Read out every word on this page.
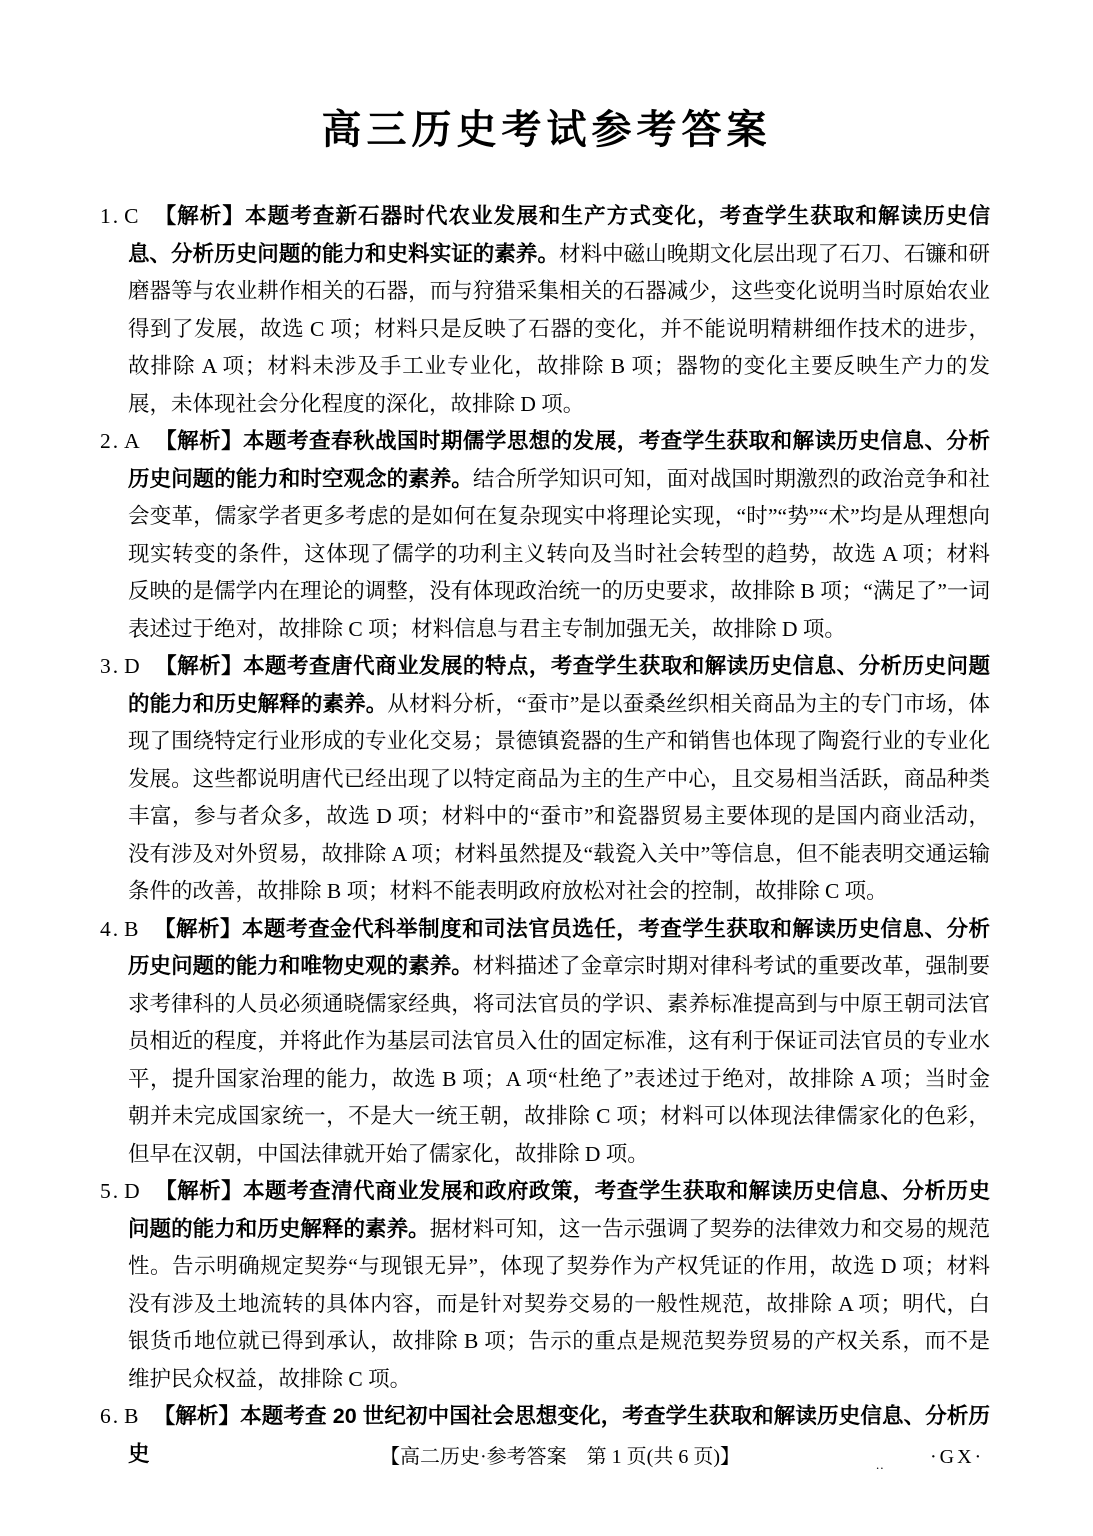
高三历史考试参考答案

1. C 【解析】本题考查新石器时代农业发展和生产方式变化，考查学生获取和解读历史信息、分析历史问题的能力和史料实证的素养。材料中磁山晚期文化层出现了石刀、石镰和研磨器等与农业耕作相关的石器，而与狩猎采集相关的石器减少，这些变化说明当时原始农业得到了发展，故选 C 项；材料只是反映了石器的变化，并不能说明精耕细作技术的进步，故排除 A 项；材料未涉及手工业专业化，故排除 B 项；器物的变化主要反映生产力的发展，未体现社会分化程度的深化，故排除 D 项。

2. A 【解析】本题考查春秋战国时期儒学思想的发展，考查学生获取和解读历史信息、分析历史问题的能力和时空观念的素养。结合所学知识可知，面对战国时期激烈的政治竞争和社会变革，儒家学者更多考虑的是如何在复杂现实中将理论实现，“时”“势”“术”均是从理想向现实转变的条件，这体现了儒学的功利主义转向及当时社会转型的趋势，故选 A 项；材料反映的是儒学内在理论的调整，没有体现政治统一的历史要求，故排除 B 项；“满足了”一词表述过于绝对，故排除 C 项；材料信息与君主专制加强无关，故排除 D 项。

3. D 【解析】本题考查唐代商业发展的特点，考查学生获取和解读历史信息、分析历史问题的能力和历史解释的素养。从材料分析，“蚕市”是以蚕桑丝织相关商品为主的专门市场，体现了围绕特定行业形成的专业化交易；景德镇瓷器的生产和销售也体现了陶瓷行业的专业化发展。这些都说明唐代已经出现了以特定商品为主的生产中心，且交易相当活跃，商品种类丰富，参与者众多，故选 D 项；材料中的“蚕市”和瓷器贸易主要体现的是国内商业活动，没有涉及对外贸易，故排除 A 项；材料虽然提及“载瓷入关中”等信息，但不能表明交通运输条件的改善，故排除 B 项；材料不能表明政府放松对社会的控制，故排除 C 项。

4. B 【解析】本题考查金代科举制度和司法官员选任，考查学生获取和解读历史信息、分析历史问题的能力和唯物史观的素养。材料描述了金章宗时期对律科考试的重要改革，强制要求考律科的人员必须通晓儒家经典，将司法官员的学识、素养标准提高到与中原王朝司法官员相近的程度，并将此作为基层司法官员入仕的固定标准，这有利于保证司法官员的专业水平，提升国家治理的能力，故选 B 项；A 项“杜绝了”表述过于绝对，故排除 A 项；当时金朝并未完成国家统一，不是大一统王朝，故排除 C 项；材料可以体现法律儒家化的色彩，但早在汉朝，中国法律就开始了儒家化，故排除 D 项。

5. D 【解析】本题考查清代商业发展和政府政策，考查学生获取和解读历史信息、分析历史问题的能力和历史解释的素养。据材料可知，这一告示强调了契券的法律效力和交易的规范性。告示明确规定契券“与现银无异”，体现了契券作为产权凭证的作用，故选 D 项；材料没有涉及土地流转的具体内容，而是针对契券交易的一般性规范，故排除 A 项；明代，白银货币地位就已得到承认，故排除 B 项；告示的重点是规范契券贸易的产权关系，而不是维护民众权益，故排除 C 项。

6. B 【解析】本题考查 20 世纪初中国社会思想变化，考查学生获取和解读历史信息、分析历史	【高二历史·参考答案　第 1 页(共 6 页)】	.. ·GX·
